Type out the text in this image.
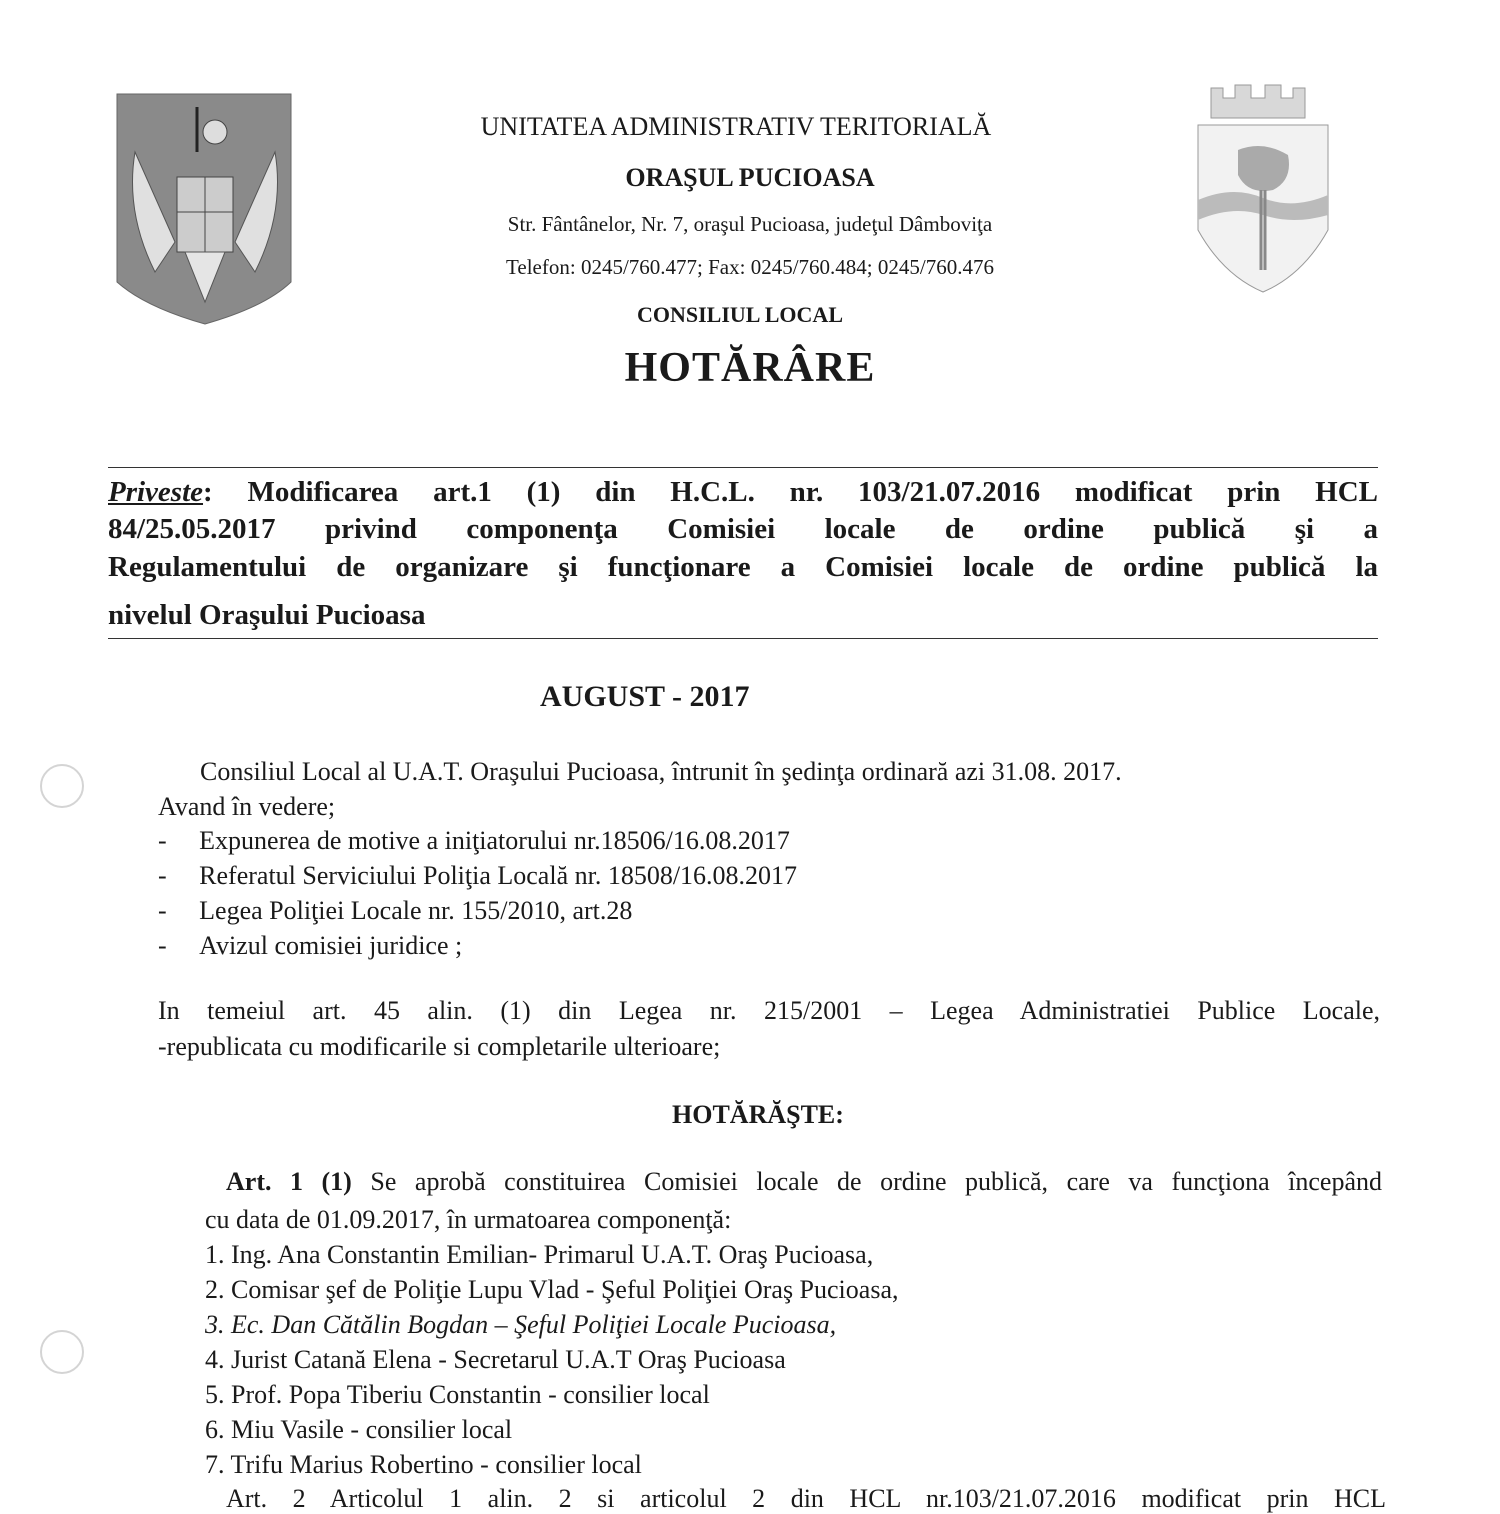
UNITATEA ADMINISTRATIV TERITORIALĂ
ORAŞUL PUCIOASA
Str. Fântânelor, Nr. 7, oraşul Pucioasa, judeţul Dâmboviţa
Telefon: 0245/760.477; Fax: 0245/760.484; 0245/760.476
CONSILIUL LOCAL
HOTĂRÂRE
Priveste: Modificarea art.1 (1) din H.C.L. nr. 103/21.07.2016 modificat prin HCL
84/25.05.2017 privind componenţa Comisiei locale de ordine publică şi a
Regulamentului de organizare şi funcţionare a Comisiei locale de ordine publică la
nivelul Oraşului Pucioasa
AUGUST - 2017
Consiliul Local al U.A.T. Oraşului Pucioasa, întrunit în şedinţa ordinară azi 31.08. 2017.
Avand în vedere;
-     Expunerea de motive a iniţiatorului nr.18506/16.08.2017
-     Referatul Serviciului Poliţia Locală nr. 18508/16.08.2017
-     Legea Poliţiei Locale nr. 155/2010, art.28
-     Avizul comisiei juridice ;
In temeiul art. 45 alin. (1) din Legea nr. 215/2001 – Legea Administratiei Publice Locale,
-republicata cu modificarile si completarile ulterioare;
HOTĂRĂŞTE:
Art. 1 (1) Se aprobă constituirea Comisiei locale de ordine publică, care va funcţiona începând
cu data de 01.09.2017, în urmatoarea componenţă:
1. Ing. Ana Constantin Emilian- Primarul U.A.T. Oraş Pucioasa,
2. Comisar şef de Poliţie Lupu Vlad - Şeful Poliţiei Oraş Pucioasa,
3. Ec. Dan Cătălin Bogdan – Şeful Poliţiei Locale Pucioasa,
4. Jurist Catană Elena - Secretarul U.A.T Oraş Pucioasa
5. Prof. Popa Tiberiu Constantin - consilier local
6. Miu Vasile - consilier local
7. Trifu Marius Robertino - consilier local
Art. 2 Articolul 1 alin. 2 si articolul 2 din HCL nr.103/21.07.2016 modificat prin HCL
